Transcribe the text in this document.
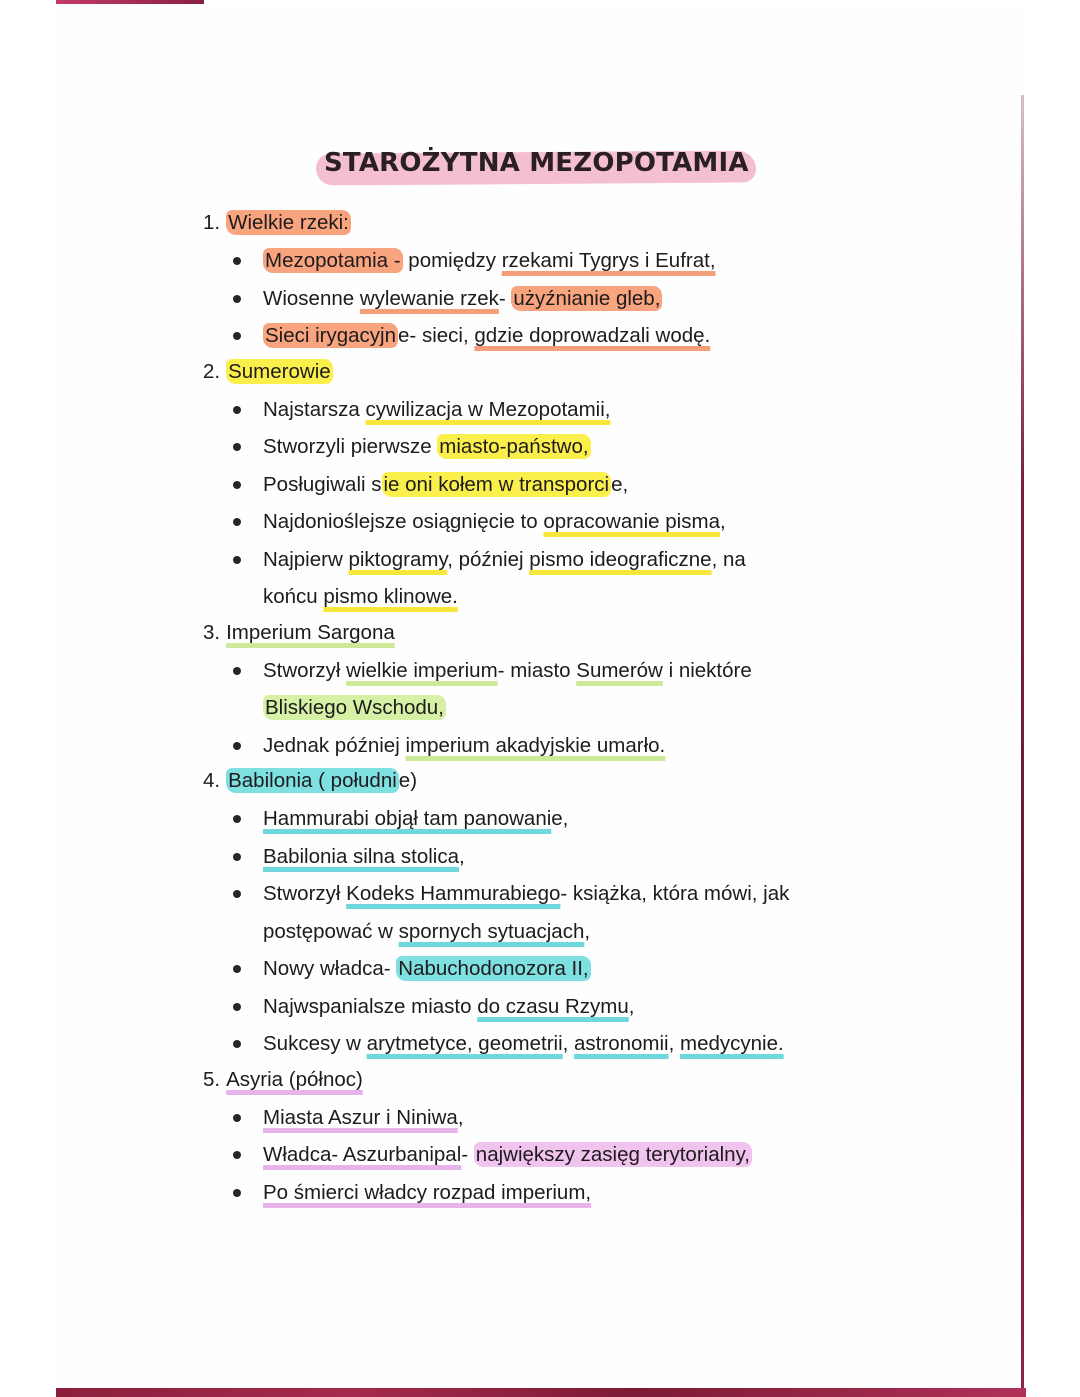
STAROŻYTNA MEZOPOTAMIA
1. Wielkie rzeki:
Mezopotamia - pomiędzy rzekami Tygrys i Eufrat,
Wiosenne wylewanie rzek- użyźnianie gleb,
Sieci irygacyjne- sieci, gdzie doprowadzali wodę.
2. Sumerowie
Najstarsza cywilizacja w Mezopotamii,
Stworzyli pierwsze miasto-państwo,
Posługiwali sie oni kołem w transporcie,
Najdonioślejsze osiągnięcie to opracowanie pisma,
Najpierw piktogramy, później pismo ideograficzne, na
końcu pismo klinowe.
3. Imperium Sargona
Stworzył wielkie imperium- miasto Sumerów i niektóre
Bliskiego Wschodu,
Jednak później imperium akadyjskie umarło.
4. Babilonia ( południe)
Hammurabi objął tam panowanie,
Babilonia silna stolica,
Stworzył Kodeks Hammurabiego- książka, która mówi, jak
postępować w spornych sytuacjach,
Nowy władca- Nabuchodonozora II,
Najwspanialsze miasto do czasu Rzymu,
Sukcesy w arytmetyce, geometrii, astronomii, medycynie.
5. Asyria (północ)
Miasta Aszur i Niniwa,
Władca- Aszurbanipal- największy zasięg terytorialny,
Po śmierci władcy rozpad imperium,
